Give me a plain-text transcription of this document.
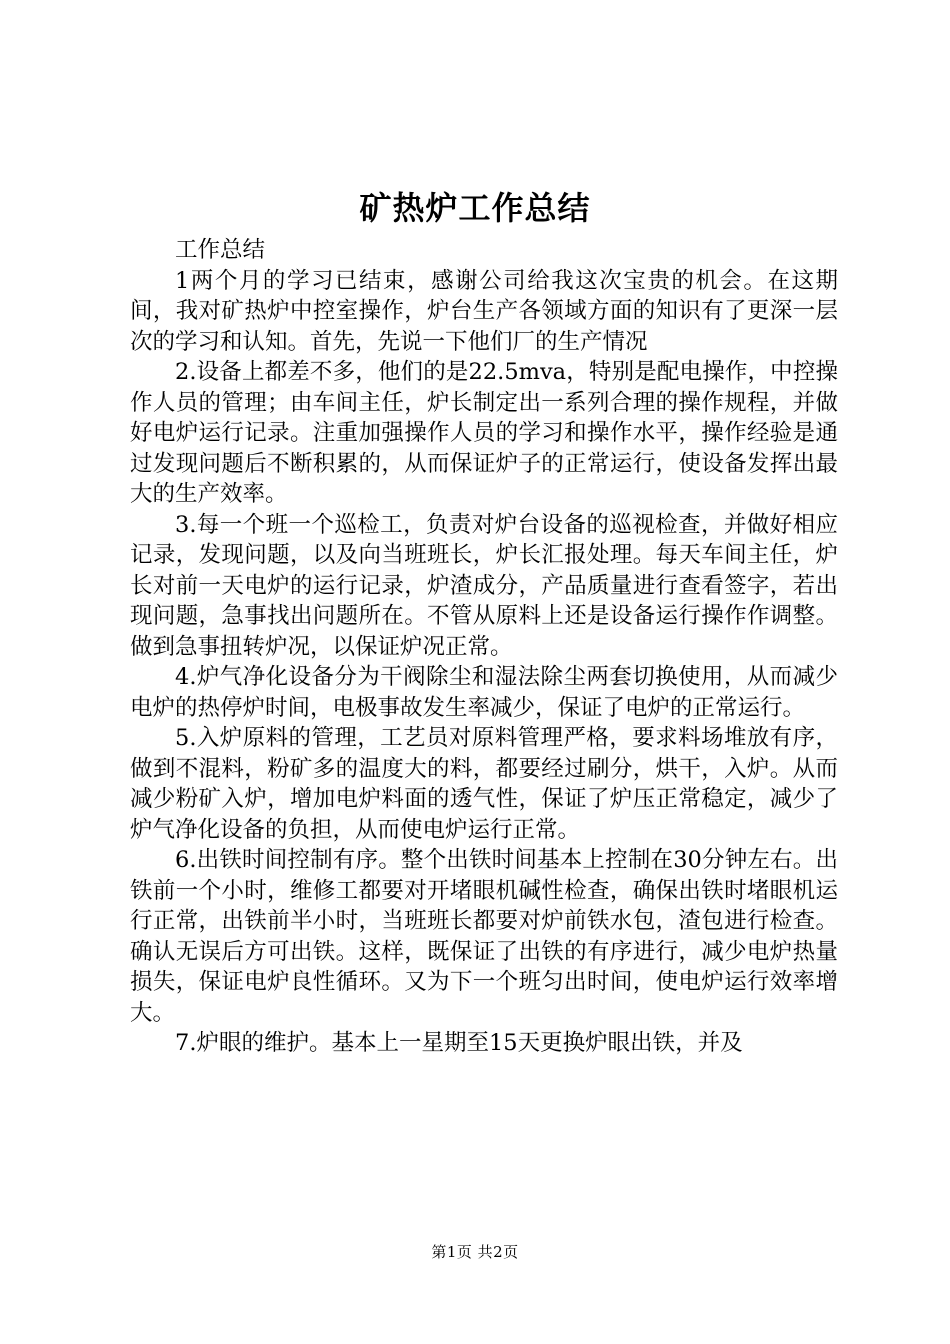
矿热炉工作总结

工作总结

1两个月的学习已结束，感谢公司给我这次宝贵的机会。在这期间，我对矿热炉中控室操作，炉台生产各领域方面的知识有了更深一层次的学习和认知。首先，先说一下他们厂的生产情况

2.设备上都差不多，他们的是22.5mva，特别是配电操作，中控操作人员的管理；由车间主任，炉长制定出一系列合理的操作规程，并做好电炉运行记录。注重加强操作人员的学习和操作水平，操作经验是通过发现问题后不断积累的，从而保证炉子的正常运行，使设备发挥出最大的生产效率。

3.每一个班一个巡检工，负责对炉台设备的巡视检查，并做好相应记录，发现问题，以及向当班班长，炉长汇报处理。每天车间主任，炉长对前一天电炉的运行记录，炉渣成分，产品质量进行查看签字，若出现问题，急事找出问题所在。不管从原料上还是设备运行操作作调整。做到急事扭转炉况，以保证炉况正常。

4.炉气净化设备分为干阀除尘和湿法除尘两套切换使用，从而减少电炉的热停炉时间，电极事故发生率减少，保证了电炉的正常运行。

5.入炉原料的管理，工艺员对原料管理严格，要求料场堆放有序，做到不混料，粉矿多的温度大的料，都要经过刷分，烘干，入炉。从而减少粉矿入炉，增加电炉料面的透气性，保证了炉压正常稳定，减少了炉气净化设备的负担，从而使电炉运行正常。

6.出铁时间控制有序。整个出铁时间基本上控制在30分钟左右。出铁前一个小时，维修工都要对开堵眼机碱性检查，确保出铁时堵眼机运行正常，出铁前半小时，当班班长都要对炉前铁水包，渣包进行检查。确认无误后方可出铁。这样，既保证了出铁的有序进行，减少电炉热量损失，保证电炉良性循环。又为下一个班匀出时间，使电炉运行效率增大。

7.炉眼的维护。基本上一星期至15天更换炉眼出铁，并及

第1页 共2页
